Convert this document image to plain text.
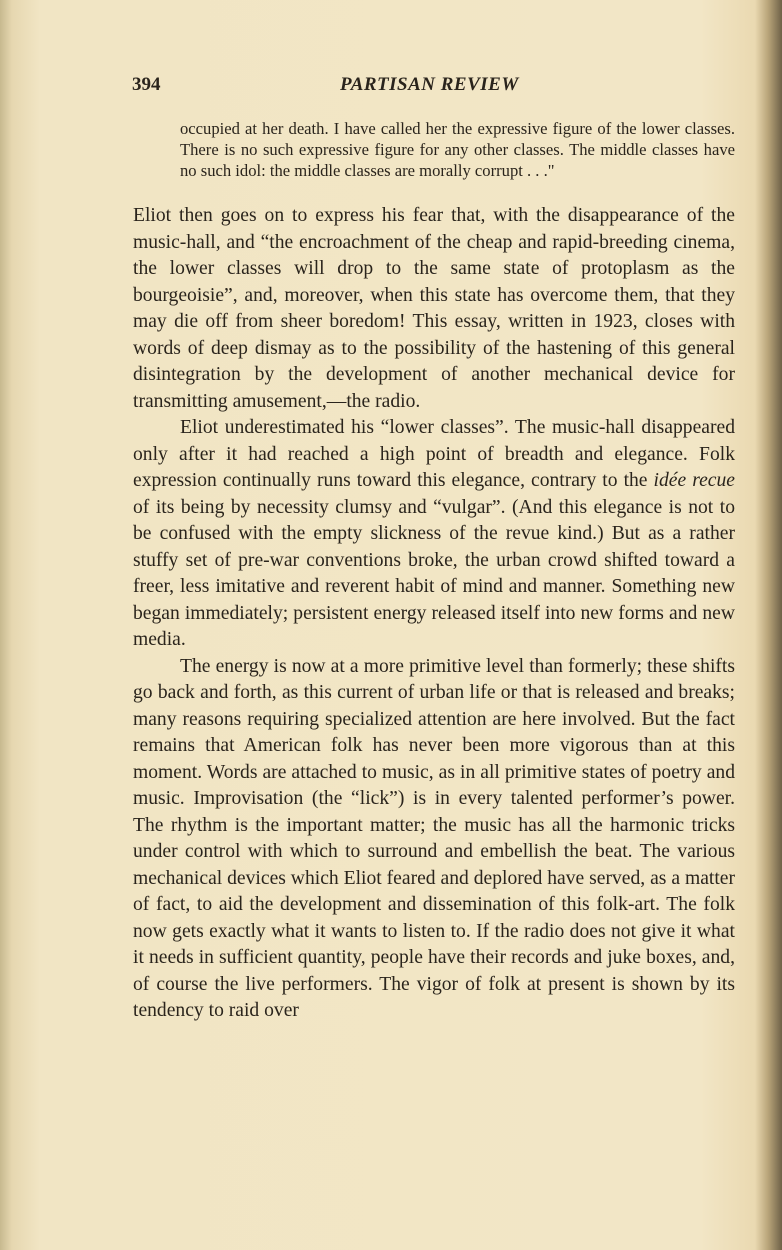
394	PARTISAN REVIEW
occupied at her death. I have called her the expressive figure of the lower classes. There is no such expressive figure for any other classes. The middle classes have no such idol: the middle classes are morally corrupt . . ."

Eliot then goes on to express his fear that, with the disappearance of the music-hall, and “the encroachment of the cheap and rapid-breeding cinema, the lower classes will drop to the same state of protoplasm as the bourgeoisie”, and, moreover, when this state has overcome them, that they may die off from sheer boredom! This essay, written in 1923, closes with words of deep dismay as to the possibility of the hastening of this general disintegration by the development of another mechanical device for transmitting amusement,—the radio.

Eliot underestimated his “lower classes”. The music-hall disappeared only after it had reached a high point of breadth and elegance. Folk expression continually runs toward this elegance, contrary to the idée recue of its being by necessity clumsy and “vulgar”. (And this elegance is not to be confused with the empty slickness of the revue kind.) But as a rather stuffy set of pre-war conventions broke, the urban crowd shifted toward a freer, less imitative and reverent habit of mind and manner. Something new began immediately; persistent energy released itself into new forms and new media.

The energy is now at a more primitive level than formerly; these shifts go back and forth, as this current of urban life or that is released and breaks; many reasons requiring specialized attention are here involved. But the fact remains that American folk has never been more vigorous than at this moment. Words are attached to music, as in all primitive states of poetry and music. Improvisation (the “lick”) is in every talented performer’s power. The rhythm is the important matter; the music has all the harmonic tricks under control with which to surround and embellish the beat. The various mechanical devices which Eliot feared and deplored have served, as a matter of fact, to aid the development and dissemination of this folk-art. The folk now gets exactly what it wants to listen to. If the radio does not give it what it needs in sufficient quantity, people have their records and juke boxes, and, of course the live performers. The vigor of folk at present is shown by its tendency to raid over
